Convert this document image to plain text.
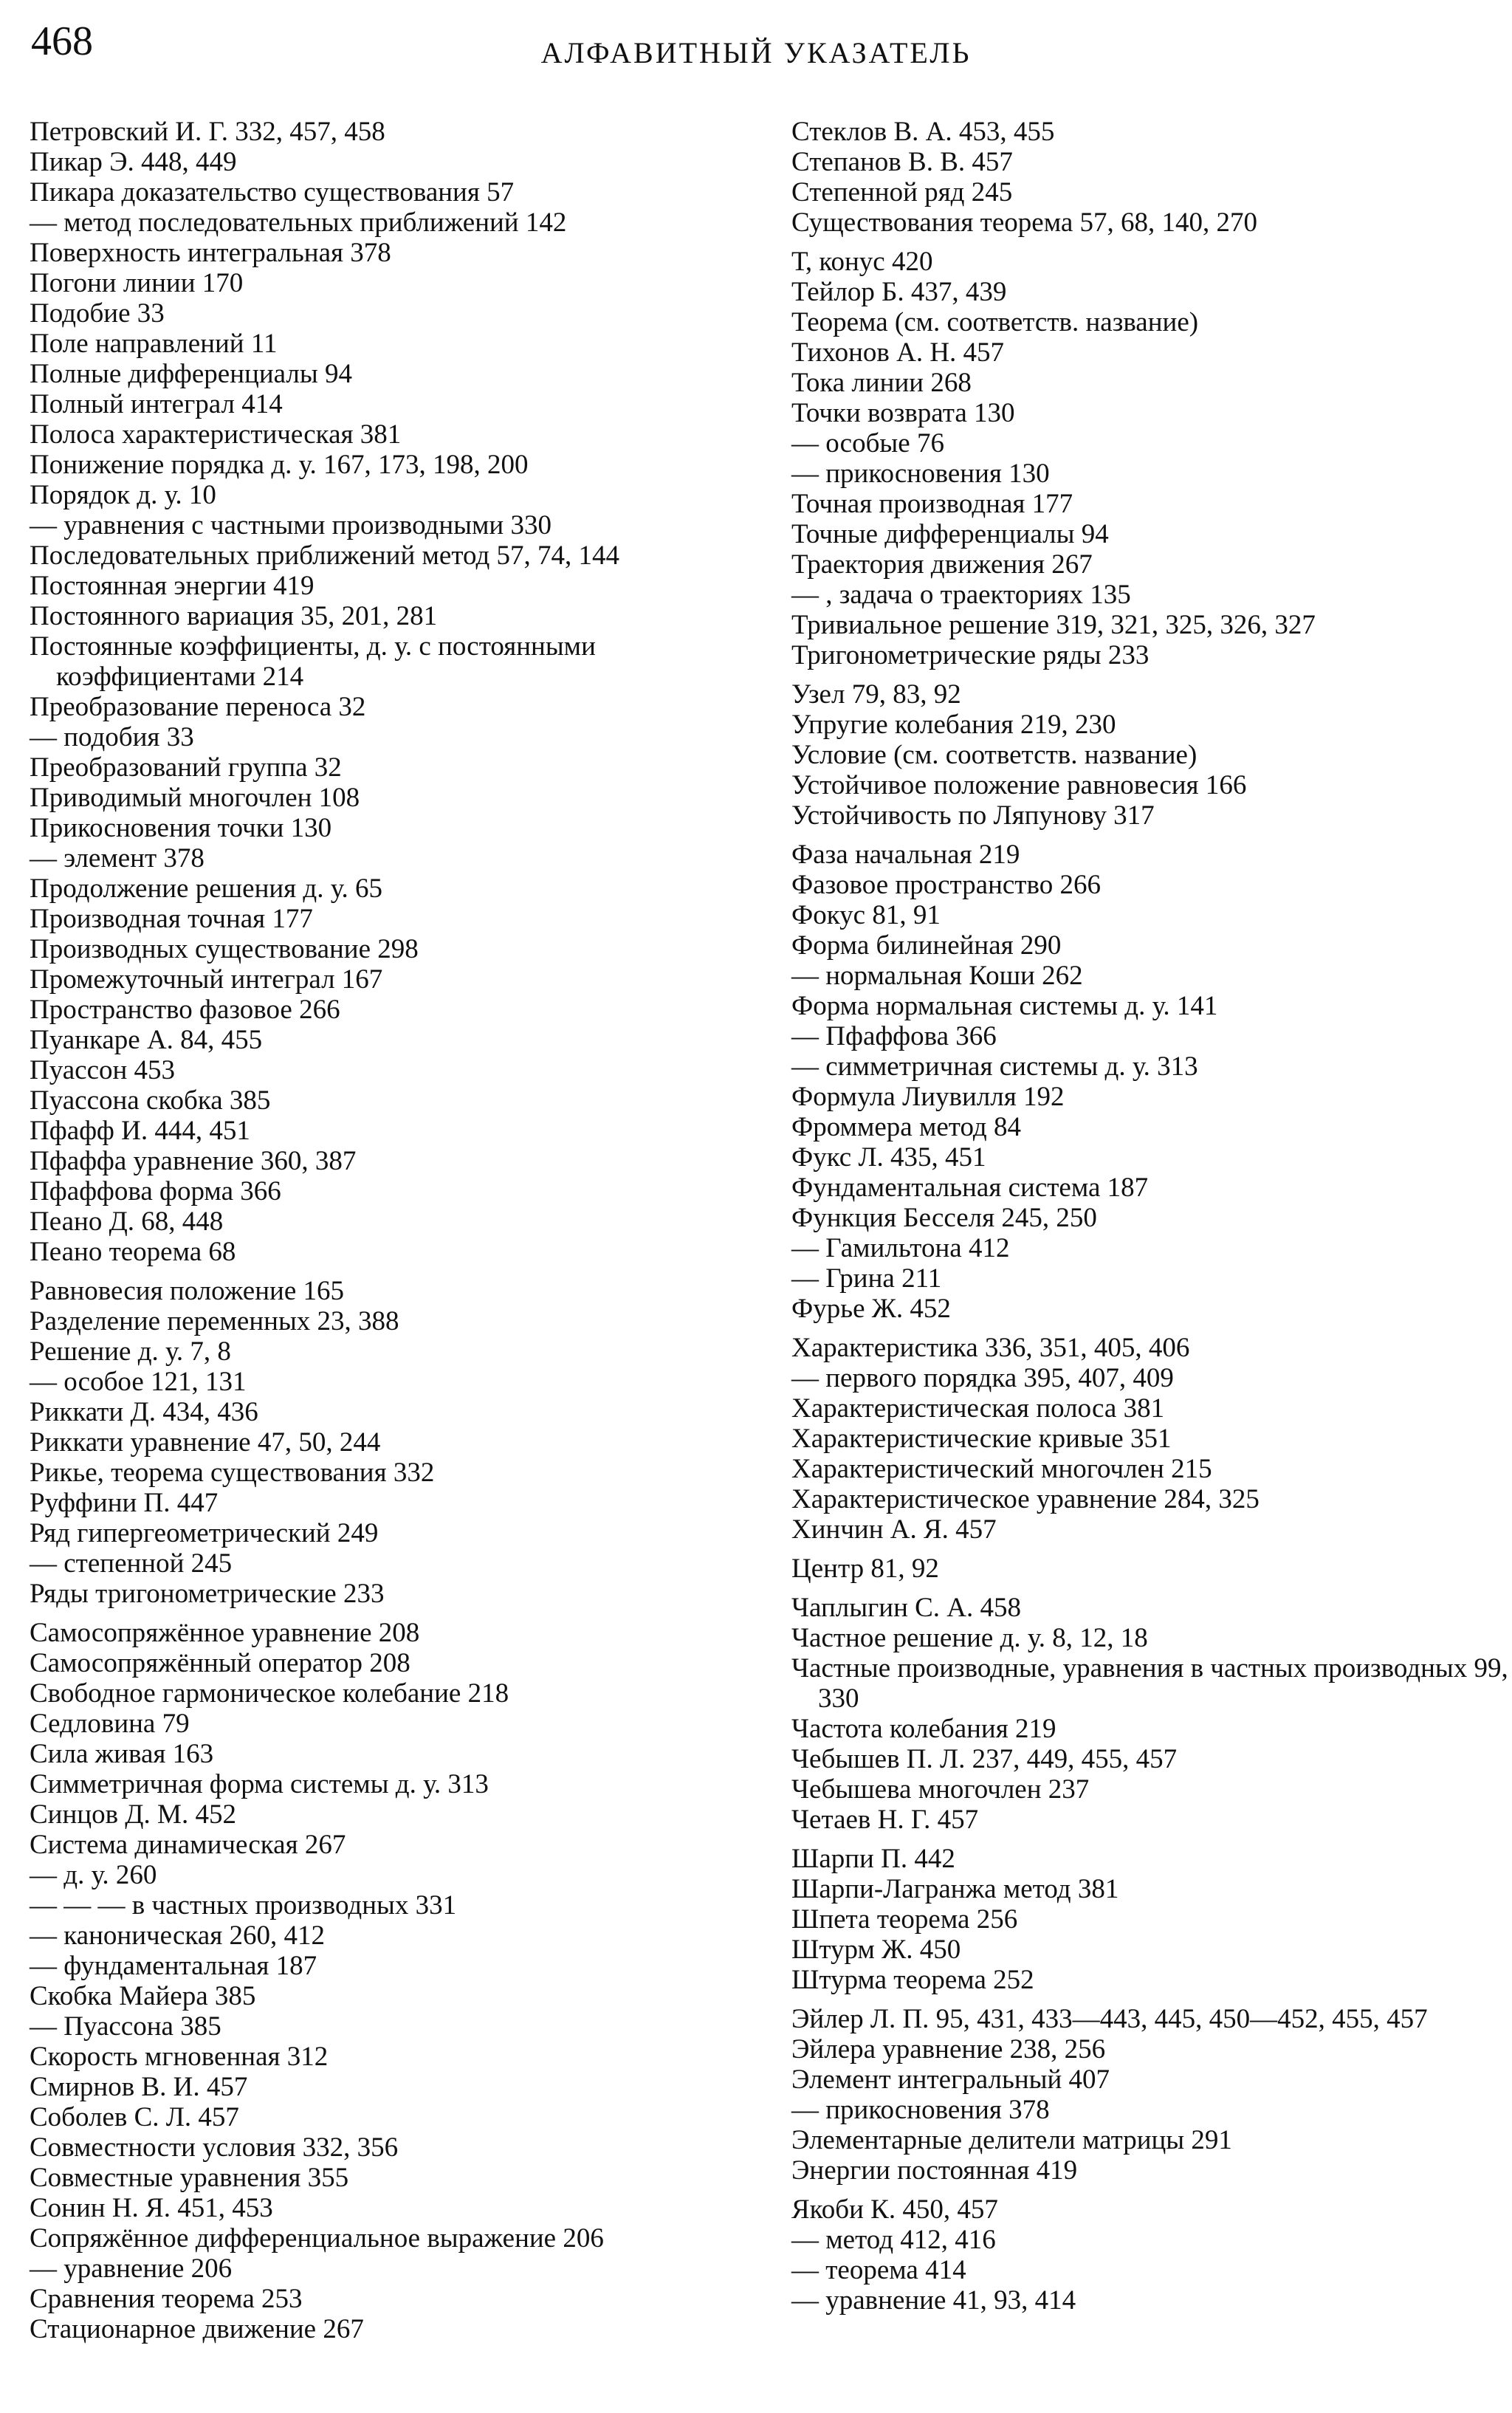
468	АЛФАВИТНЫЙ УКАЗАТЕЛЬ
Петровский И. Г. 332, 457, 458
Пикар Э. 448, 449
Пикара доказательство существования 57
— метод последовательных приближений 142
Поверхность интегральная 378
Погони линии 170
Подобие 33
Поле направлений 11
Полные дифференциалы 94
Полный интеграл 414
Полоса характеристическая 381
Понижение порядка д. у. 167, 173, 198, 200
Порядок д. у. 10
— уравнения с частными производными 330
Последовательных приближений метод 57, 74, 144
Постоянная энергии 419
Постоянного вариация 35, 201, 281
Постоянные коэффициенты, д. у. с постоянными коэффициентами 214
Преобразование переноса 32
— подобия 33
Преобразований группа 32
Приводимый многочлен 108
Прикосновения точки 130
— элемент 378
Продолжение решения д. у. 65
Производная точная 177
Производных существование 298
Промежуточный интеграл 167
Пространство фазовое 266
Пуанкаре А. 84, 455
Пуассон 453
Пуассона скобка 385
Пфафф И. 444, 451
Пфаффа уравнение 360, 387
Пфаффова форма 366
Пеано Д. 68, 448
Пеано теорема 68
Равновесия положение 165
Разделение переменных 23, 388
Решение д. у. 7, 8
— особое 121, 131
Риккати Д. 434, 436
Риккати уравнение 47, 50, 244
Рикье, теорема существования 332
Руффини П. 447
Ряд гипергеометрический 249
— степенной 245
Ряды тригонометрические 233
Самосопряжённое уравнение 208
Самосопряжённый оператор 208
Свободное гармоническое колебание 218
Седловина 79
Сила живая 163
Симметричная форма системы д. у. 313
Синцов Д. М. 452
Система динамическая 267
— д. у. 260
— — — в частных производных 331
— каноническая 260, 412
— фундаментальная 187
Скобка Майера 385
— Пуассона 385
Скорость мгновенная 312
Смирнов В. И. 457
Соболев С. Л. 457
Совместности условия 332, 356
Совместные уравнения 355
Сонин Н. Я. 451, 453
Сопряжённое дифференциальное выражение 206
— уравнение 206
Сравнения теорема 253
Стационарное движение 267
Стеклов В. А. 453, 455
Степанов В. В. 457
Степенной ряд 245
Существования теорема 57, 68, 140, 270
Т, конус 420
Тейлор Б. 437, 439
Теорема (см. соответств. название)
Тихонов А. Н. 457
Тока линии 268
Точки возврата 130
— особые 76
— прикосновения 130
Точная производная 177
Точные дифференциалы 94
Траектория движения 267
— , задача о траекториях 135
Тривиальное решение 319, 321, 325, 326, 327
Тригонометрические ряды 233
Узел 79, 83, 92
Упругие колебания 219, 230
Условие (см. соответств. название)
Устойчивое положение равновесия 166
Устойчивость по Ляпунову 317
Фаза начальная 219
Фазовое пространство 266
Фокус 81, 91
Форма билинейная 290
— нормальная Коши 262
Форма нормальная системы д. у. 141
— Пфаффова 366
— симметричная системы д. у. 313
Формула Лиувилля 192
Фроммера метод 84
Фукс Л. 435, 451
Фундаментальная система 187
Функция Бесселя 245, 250
— Гамильтона 412
— Грина 211
Фурье Ж. 452
Характеристика 336, 351, 405, 406
— первого порядка 395, 407, 409
Характеристическая полоса 381
Характеристические кривые 351
Характеристический многочлен 215
Характеристическое уравнение 284, 325
Хинчин А. Я. 457
Центр 81, 92
Чаплыгин С. А. 458
Частное решение д. у. 8, 12, 18
Частные производные, уравнения в частных производных 99, 330
Частота колебания 219
Чебышев П. Л. 237, 449, 455, 457
Чебышева многочлен 237
Четаев Н. Г. 457
Шарпи П. 442
Шарпи-Лагранжа метод 381
Шпета теорема 256
Штурм Ж. 450
Штурма теорема 252
Эйлер Л. П. 95, 431, 433—443, 445, 450—452, 455, 457
Эйлера уравнение 238, 256
Элемент интегральный 407
— прикосновения 378
Элементарные делители матрицы 291
Энергии постоянная 419
Якоби К. 450, 457
— метод 412, 416
— теорема 414
— уравнение 41, 93, 414
